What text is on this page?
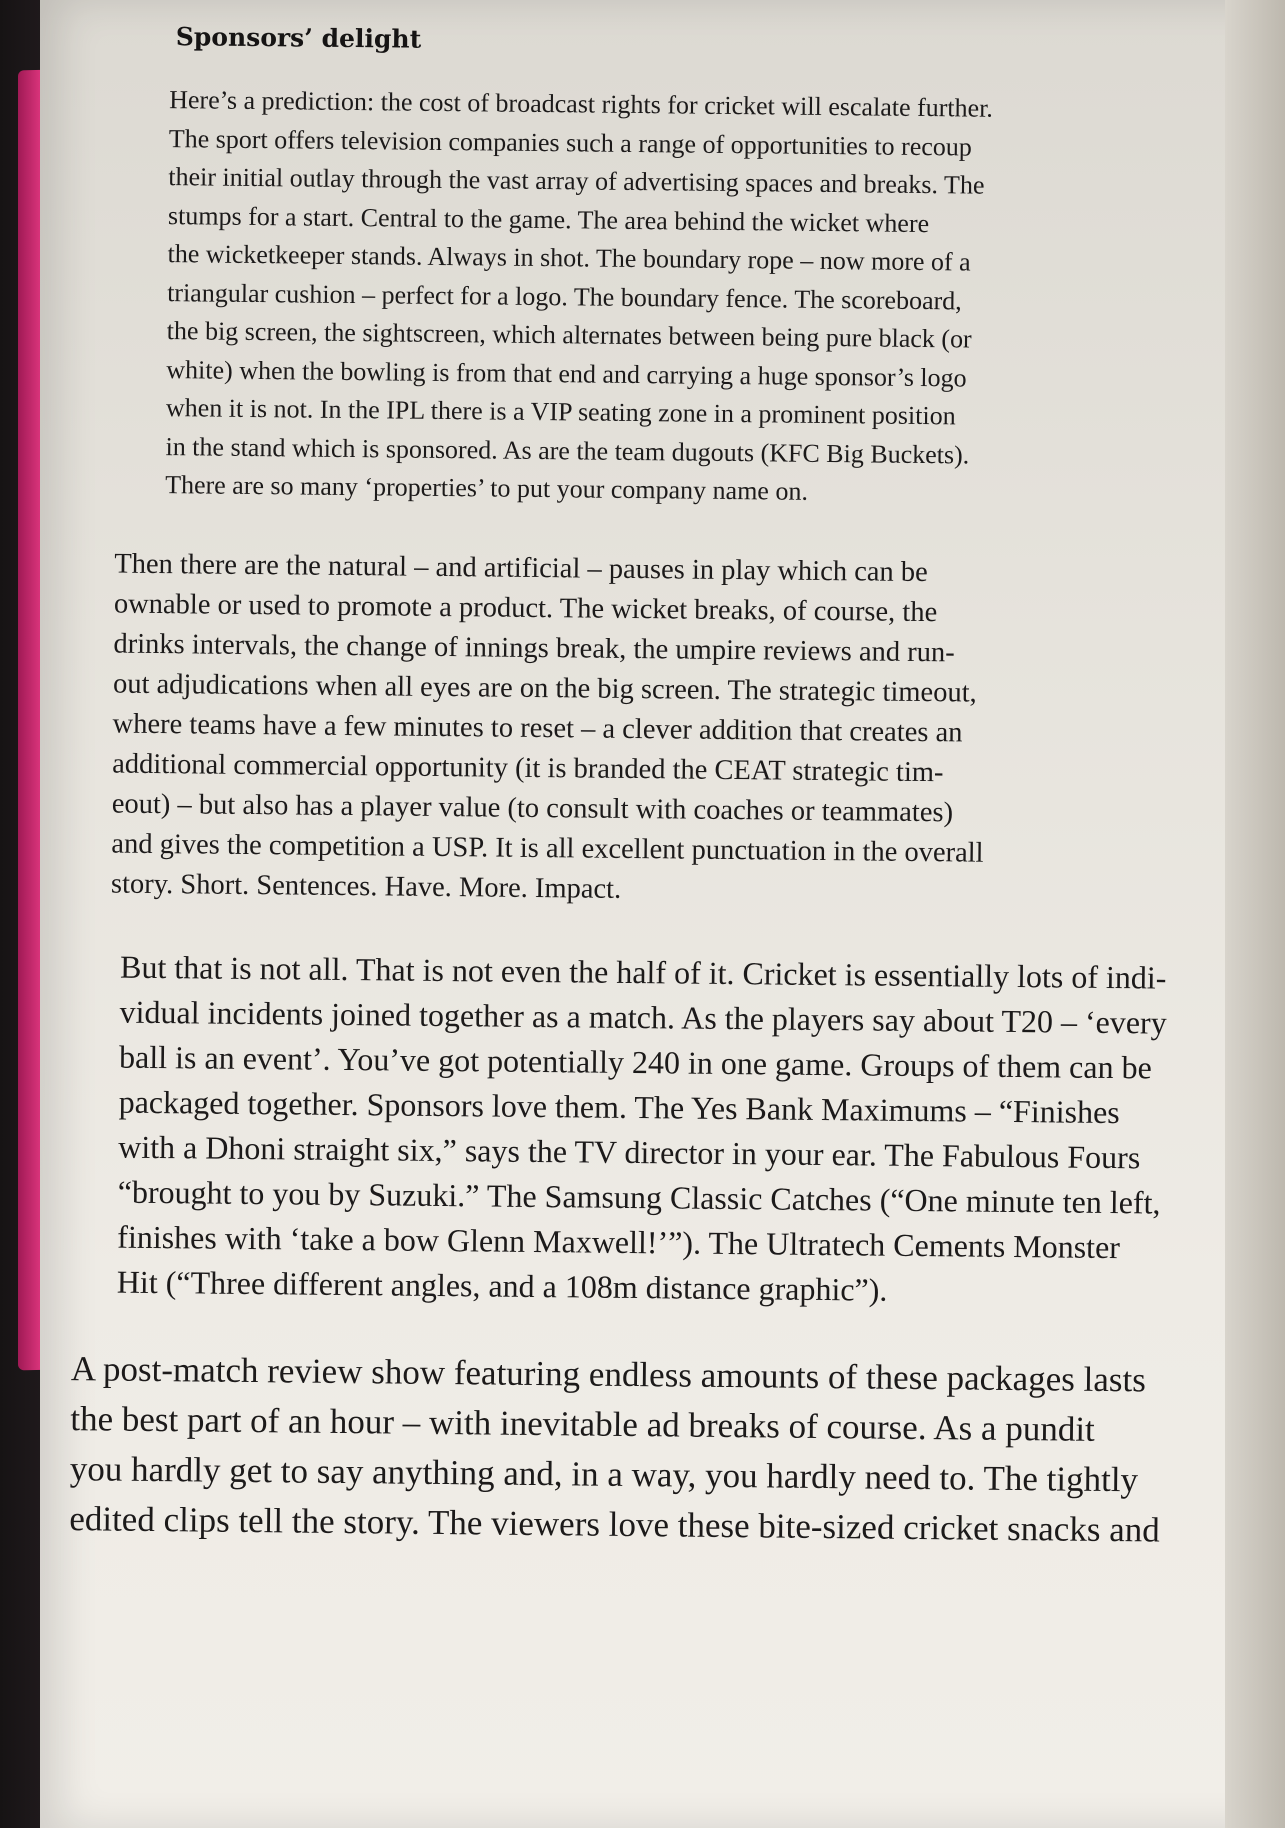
Sponsors’ delight
Here’s a prediction: the cost of broadcast rights for cricket will escalate further.
The sport offers television companies such a range of opportunities to recoup
their initial outlay through the vast array of advertising spaces and breaks. The
stumps for a start. Central to the game. The area behind the wicket where
the wicketkeeper stands. Always in shot. The boundary rope – now more of a
triangular cushion – perfect for a logo. The boundary fence. The scoreboard,
the big screen, the sightscreen, which alternates between being pure black (or
white) when the bowling is from that end and carrying a huge sponsor’s logo
when it is not. In the IPL there is a VIP seating zone in a prominent position
in the stand which is sponsored. As are the team dugouts (KFC Big Buckets).
There are so many ‘properties’ to put your company name on.
Then there are the natural – and artificial – pauses in play which can be
ownable or used to promote a product. The wicket breaks, of course, the
drinks intervals, the change of innings break, the umpire reviews and run-
out adjudications when all eyes are on the big screen. The strategic timeout,
where teams have a few minutes to reset – a clever addition that creates an
additional commercial opportunity (it is branded the CEAT strategic tim-
eout) – but also has a player value (to consult with coaches or teammates)
and gives the competition a USP. It is all excellent punctuation in the overall
story. Short. Sentences. Have. More. Impact.
But that is not all. That is not even the half of it. Cricket is essentially lots of indi-
vidual incidents joined together as a match. As the players say about T20 – ‘every
ball is an event’. You’ve got potentially 240 in one game. Groups of them can be
packaged together. Sponsors love them. The Yes Bank Maximums – “Finishes
with a Dhoni straight six,” says the TV director in your ear. The Fabulous Fours
“brought to you by Suzuki.” The Samsung Classic Catches (“One minute ten left,
finishes with ‘take a bow Glenn Maxwell!’”). The Ultratech Cements Monster
Hit (“Three different angles, and a 108m distance graphic”).
A post-match review show featuring endless amounts of these packages lasts
the best part of an hour – with inevitable ad breaks of course. As a pundit
you hardly get to say anything and, in a way, you hardly need to. The tightly
edited clips tell the story. The viewers love these bite-sized cricket snacks and
